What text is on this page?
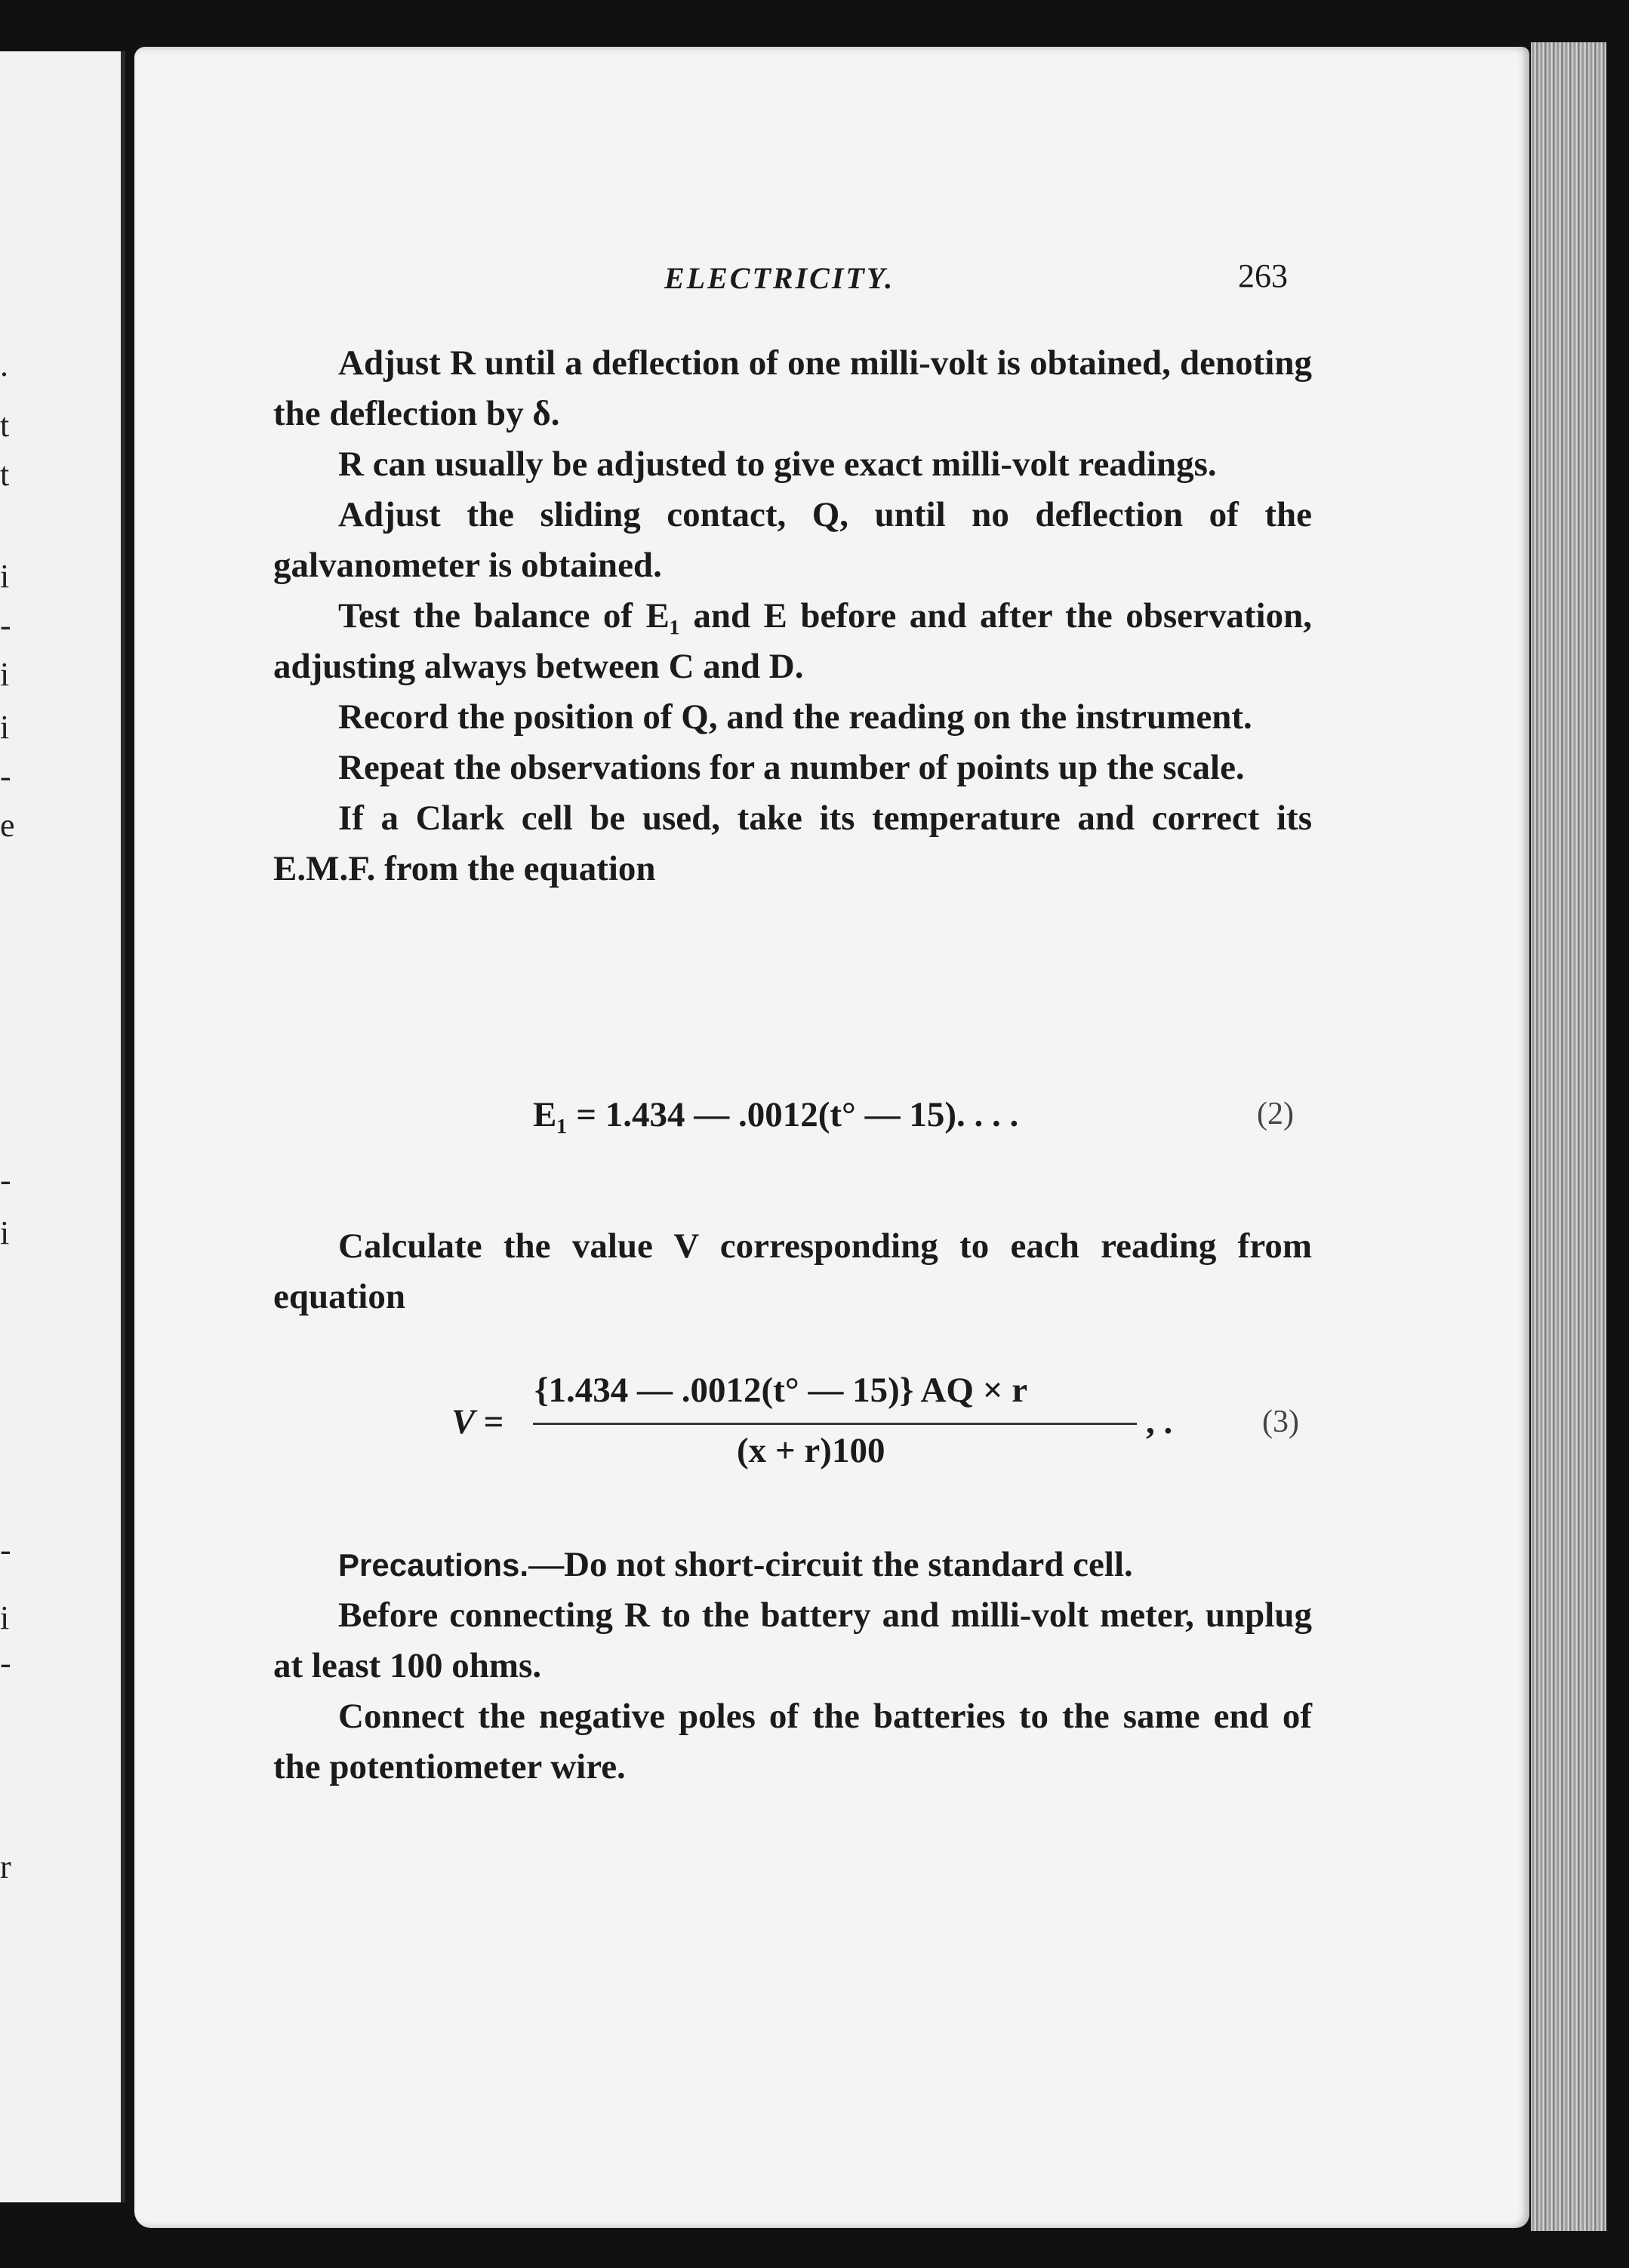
.
t
t
i
-
i
i
-
e
-
i
-
i
-
r
ELECTRICITY.	263

Adjust R until a deflection of one milli-volt is obtained, denoting the deflection by δ.

R can usually be adjusted to give exact milli-volt readings.

Adjust the sliding contact, Q, until no deflection of the galvanometer is obtained.

Test the balance of E₁ and E before and after the observation, adjusting always between C and D.

Record the position of Q, and the reading on the instrument.

Repeat the observations for a number of points up the scale.

If a Clark cell be used, take its temperature and correct its E.M.F. from the equation

E₁ = 1.434 — .0012(t° — 15). . . .	(2)

Calculate the value V corresponding to each reading from equation

V =
{1.434 — .0012(t° — 15)} AQ × r
(x + r)100
, .	(3)

Precautions.—Do not short-circuit the standard cell.

Before connecting R to the battery and milli-volt meter, unplug at least 100 ohms.

Connect the negative poles of the batteries to the same end of the potentiometer wire.
